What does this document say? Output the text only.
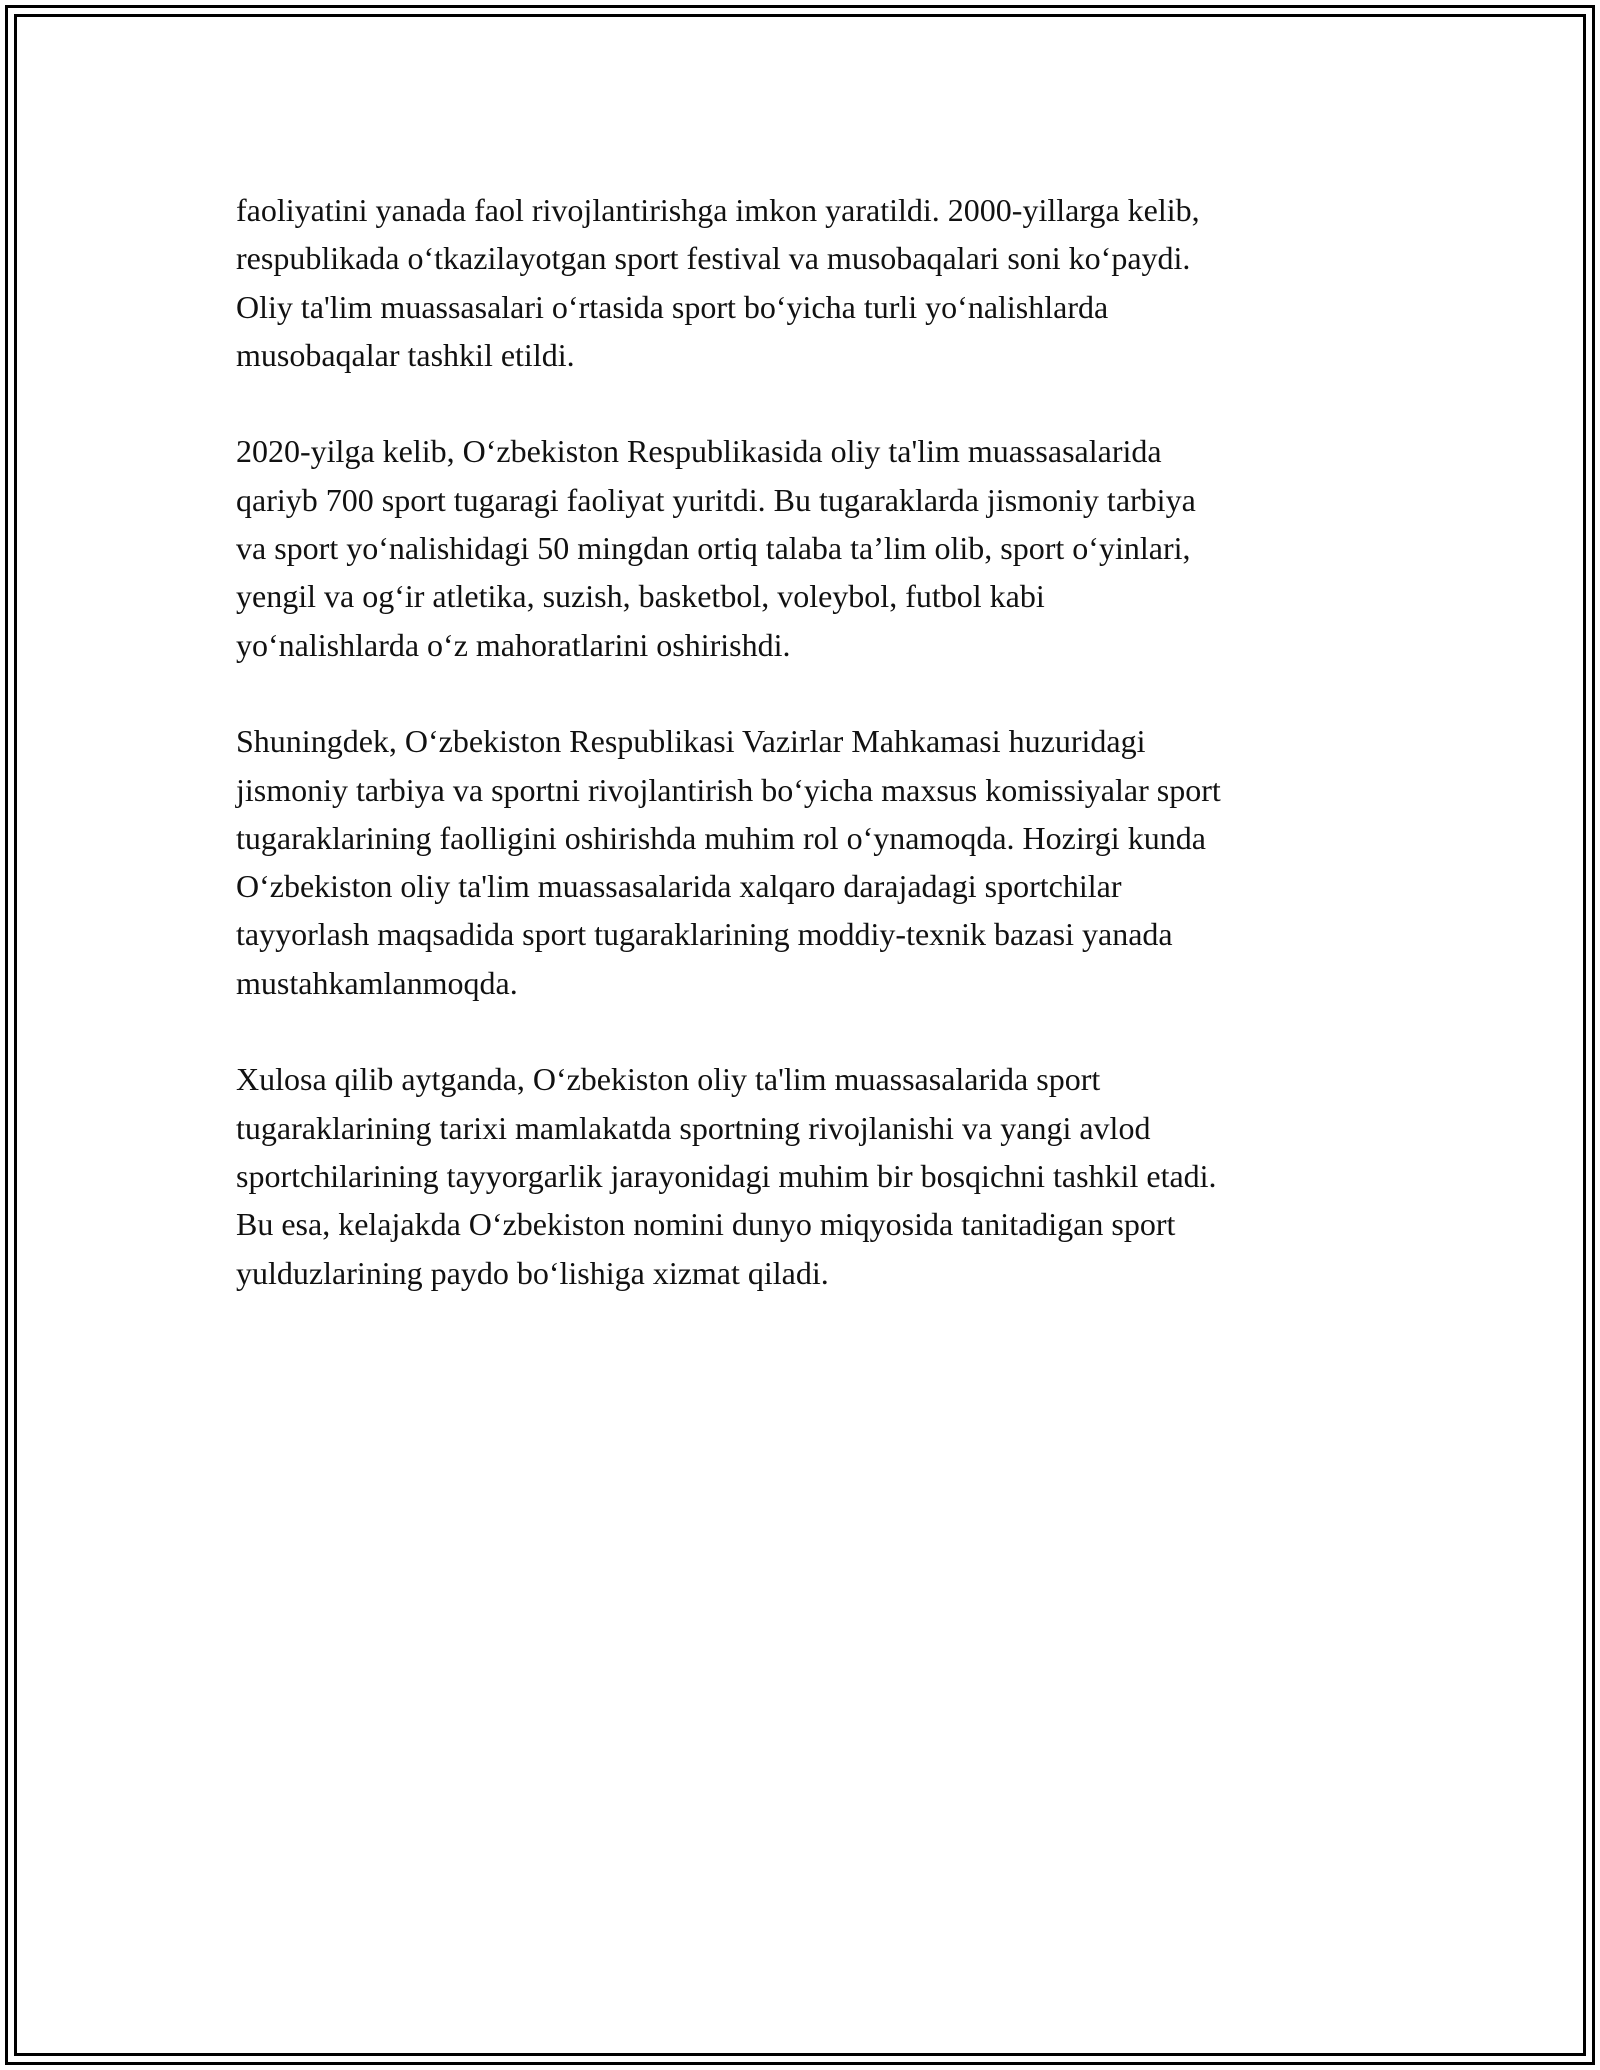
faoliyatini yanada faol rivojlantirishga imkon yaratildi. 2000-yillarga kelib,
respublikada o‘tkazilayotgan sport festival va musobaqalari soni ko‘paydi.
Oliy ta'lim muassasalari o‘rtasida sport bo‘yicha turli yo‘nalishlarda
musobaqalar tashkil etildi.

2020-yilga kelib, O‘zbekiston Respublikasida oliy ta'lim muassasalarida
qariyb 700 sport tugaragi faoliyat yuritdi. Bu tugaraklarda jismoniy tarbiya
va sport yo‘nalishidagi 50 mingdan ortiq talaba ta’lim olib, sport o‘yinlari,
yengil va og‘ir atletika, suzish, basketbol, voleybol, futbol kabi
yo‘nalishlarda o‘z mahoratlarini oshirishdi.

Shuningdek, O‘zbekiston Respublikasi Vazirlar Mahkamasi huzuridagi
jismoniy tarbiya va sportni rivojlantirish bo‘yicha maxsus komissiyalar sport
tugaraklarining faolligini oshirishda muhim rol o‘ynamoqda. Hozirgi kunda
O‘zbekiston oliy ta'lim muassasalarida xalqaro darajadagi sportchilar
tayyorlash maqsadida sport tugaraklarining moddiy-texnik bazasi yanada
mustahkamlanmoqda.

Xulosa qilib aytganda, O‘zbekiston oliy ta'lim muassasalarida sport
tugaraklarining tarixi mamlakatda sportning rivojlanishi va yangi avlod
sportchilarining tayyorgarlik jarayonidagi muhim bir bosqichni tashkil etadi.
Bu esa, kelajakda O‘zbekiston nomini dunyo miqyosida tanitadigan sport
yulduzlarining paydo bo‘lishiga xizmat qiladi.
